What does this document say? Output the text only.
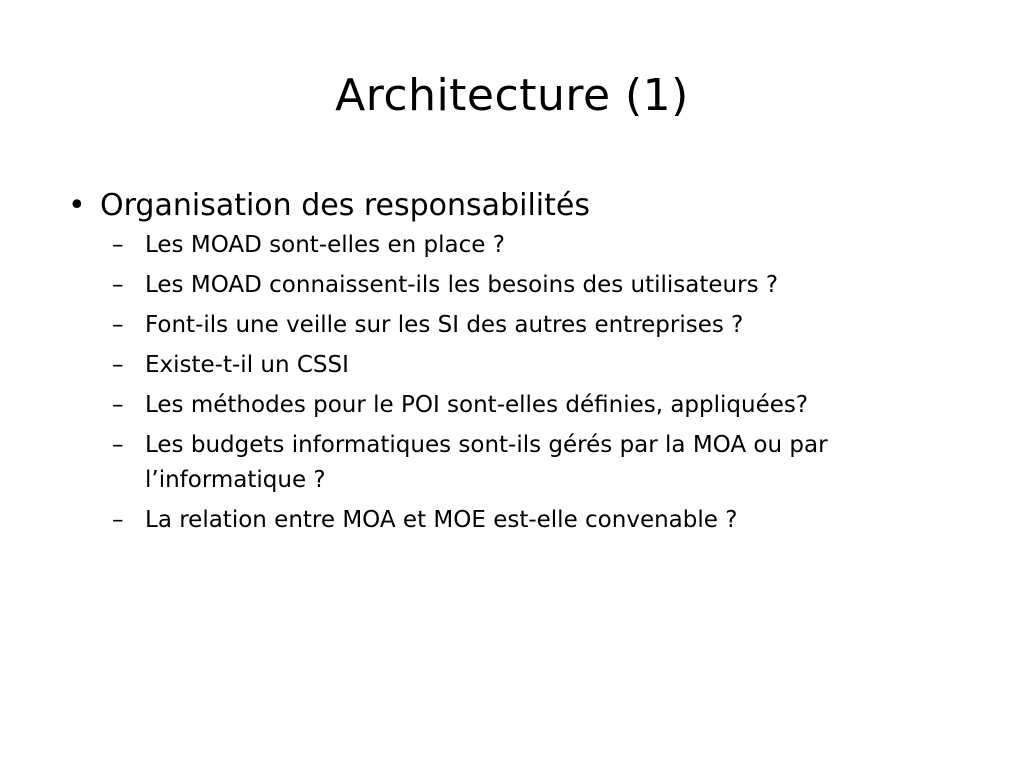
Architecture (1)
• Organisation des responsabilités
– Les MOAD sont-elles en place ?
– Les MOAD connaissent-ils les besoins des utilisateurs ?
– Font-ils une veille sur les SI des autres entreprises ?
– Existe-t-il un CSSI
– Les méthodes pour le POI sont-elles définies, appliquées?
– Les budgets informatiques sont-ils gérés par la MOA ou par l’informatique ?
– La relation entre MOA et MOE est-elle convenable ?
